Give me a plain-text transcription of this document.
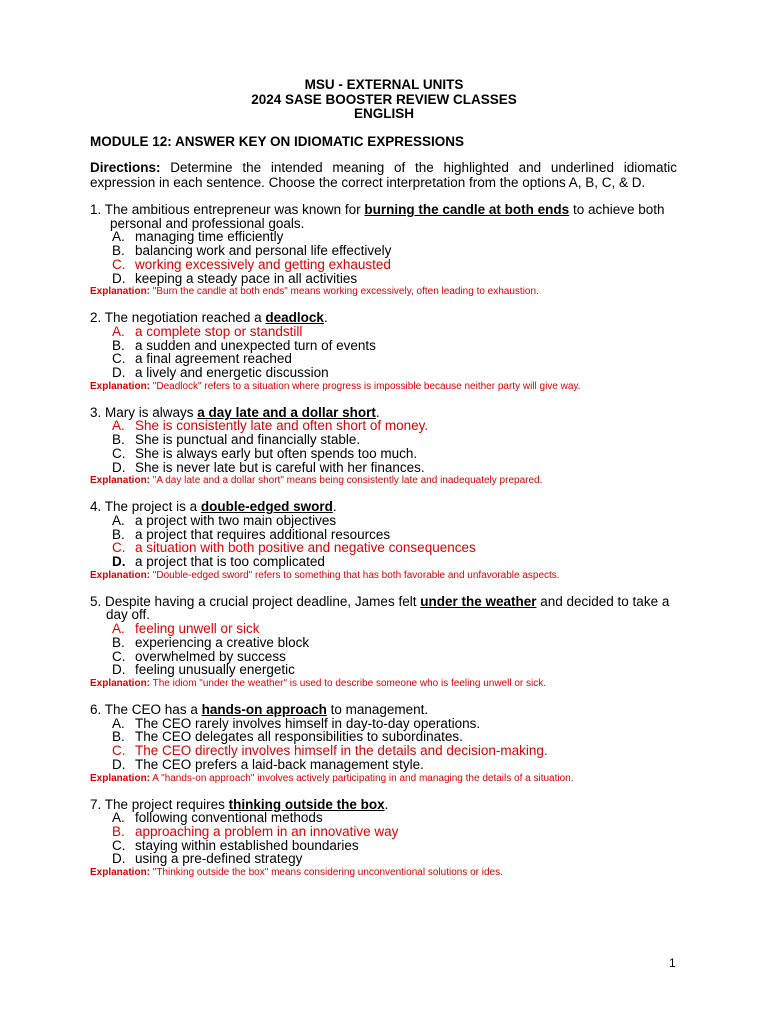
MSU - EXTERNAL UNITS
2024 SASE BOOSTER REVIEW CLASSES
ENGLISH
MODULE 12: ANSWER KEY ON IDIOMATIC EXPRESSIONS
Directions: Determine the intended meaning of the highlighted and underlined idiomatic expression in each sentence. Choose the correct interpretation from the options A, B, C, & D.
1. The ambitious entrepreneur was known for burning the candle at both ends to achieve both personal and professional goals.
A. managing time efficiently
B. balancing work and personal life effectively
C. working excessively and getting exhausted
D. keeping a steady pace in all activities
Explanation: "Burn the candle at both ends" means working excessively, often leading to exhaustion.
2. The negotiation reached a deadlock.
A. a complete stop or standstill
B. a sudden and unexpected turn of events
C. a final agreement reached
D. a lively and energetic discussion
Explanation: "Deadlock" refers to a situation where progress is impossible because neither party will give way.
3. Mary is always a day late and a dollar short.
A. She is consistently late and often short of money.
B. She is punctual and financially stable.
C. She is always early but often spends too much.
D. She is never late but is careful with her finances.
Explanation: "A day late and a dollar short" means being consistently late and inadequately prepared.
4. The project is a double-edged sword.
A. a project with two main objectives
B. a project that requires additional resources
C. a situation with both positive and negative consequences
D. a project that is too complicated
Explanation: "Double-edged sword" refers to something that has both favorable and unfavorable aspects.
5. Despite having a crucial project deadline, James felt under the weather and decided to take a day off.
A. feeling unwell or sick
B. experiencing a creative block
C. overwhelmed by success
D. feeling unusually energetic
Explanation: The idiom "under the weather" is used to describe someone who is feeling unwell or sick.
6. The CEO has a hands-on approach to management.
A. The CEO rarely involves himself in day-to-day operations.
B. The CEO delegates all responsibilities to subordinates.
C. The CEO directly involves himself in the details and decision-making.
D. The CEO prefers a laid-back management style.
Explanation: A "hands-on approach" involves actively participating in and managing the details of a situation.
7. The project requires thinking outside the box.
A. following conventional methods
B. approaching a problem in an innovative way
C. staying within established boundaries
D. using a pre-defined strategy
Explanation: "Thinking outside the box" means considering unconventional solutions or ides.
1
